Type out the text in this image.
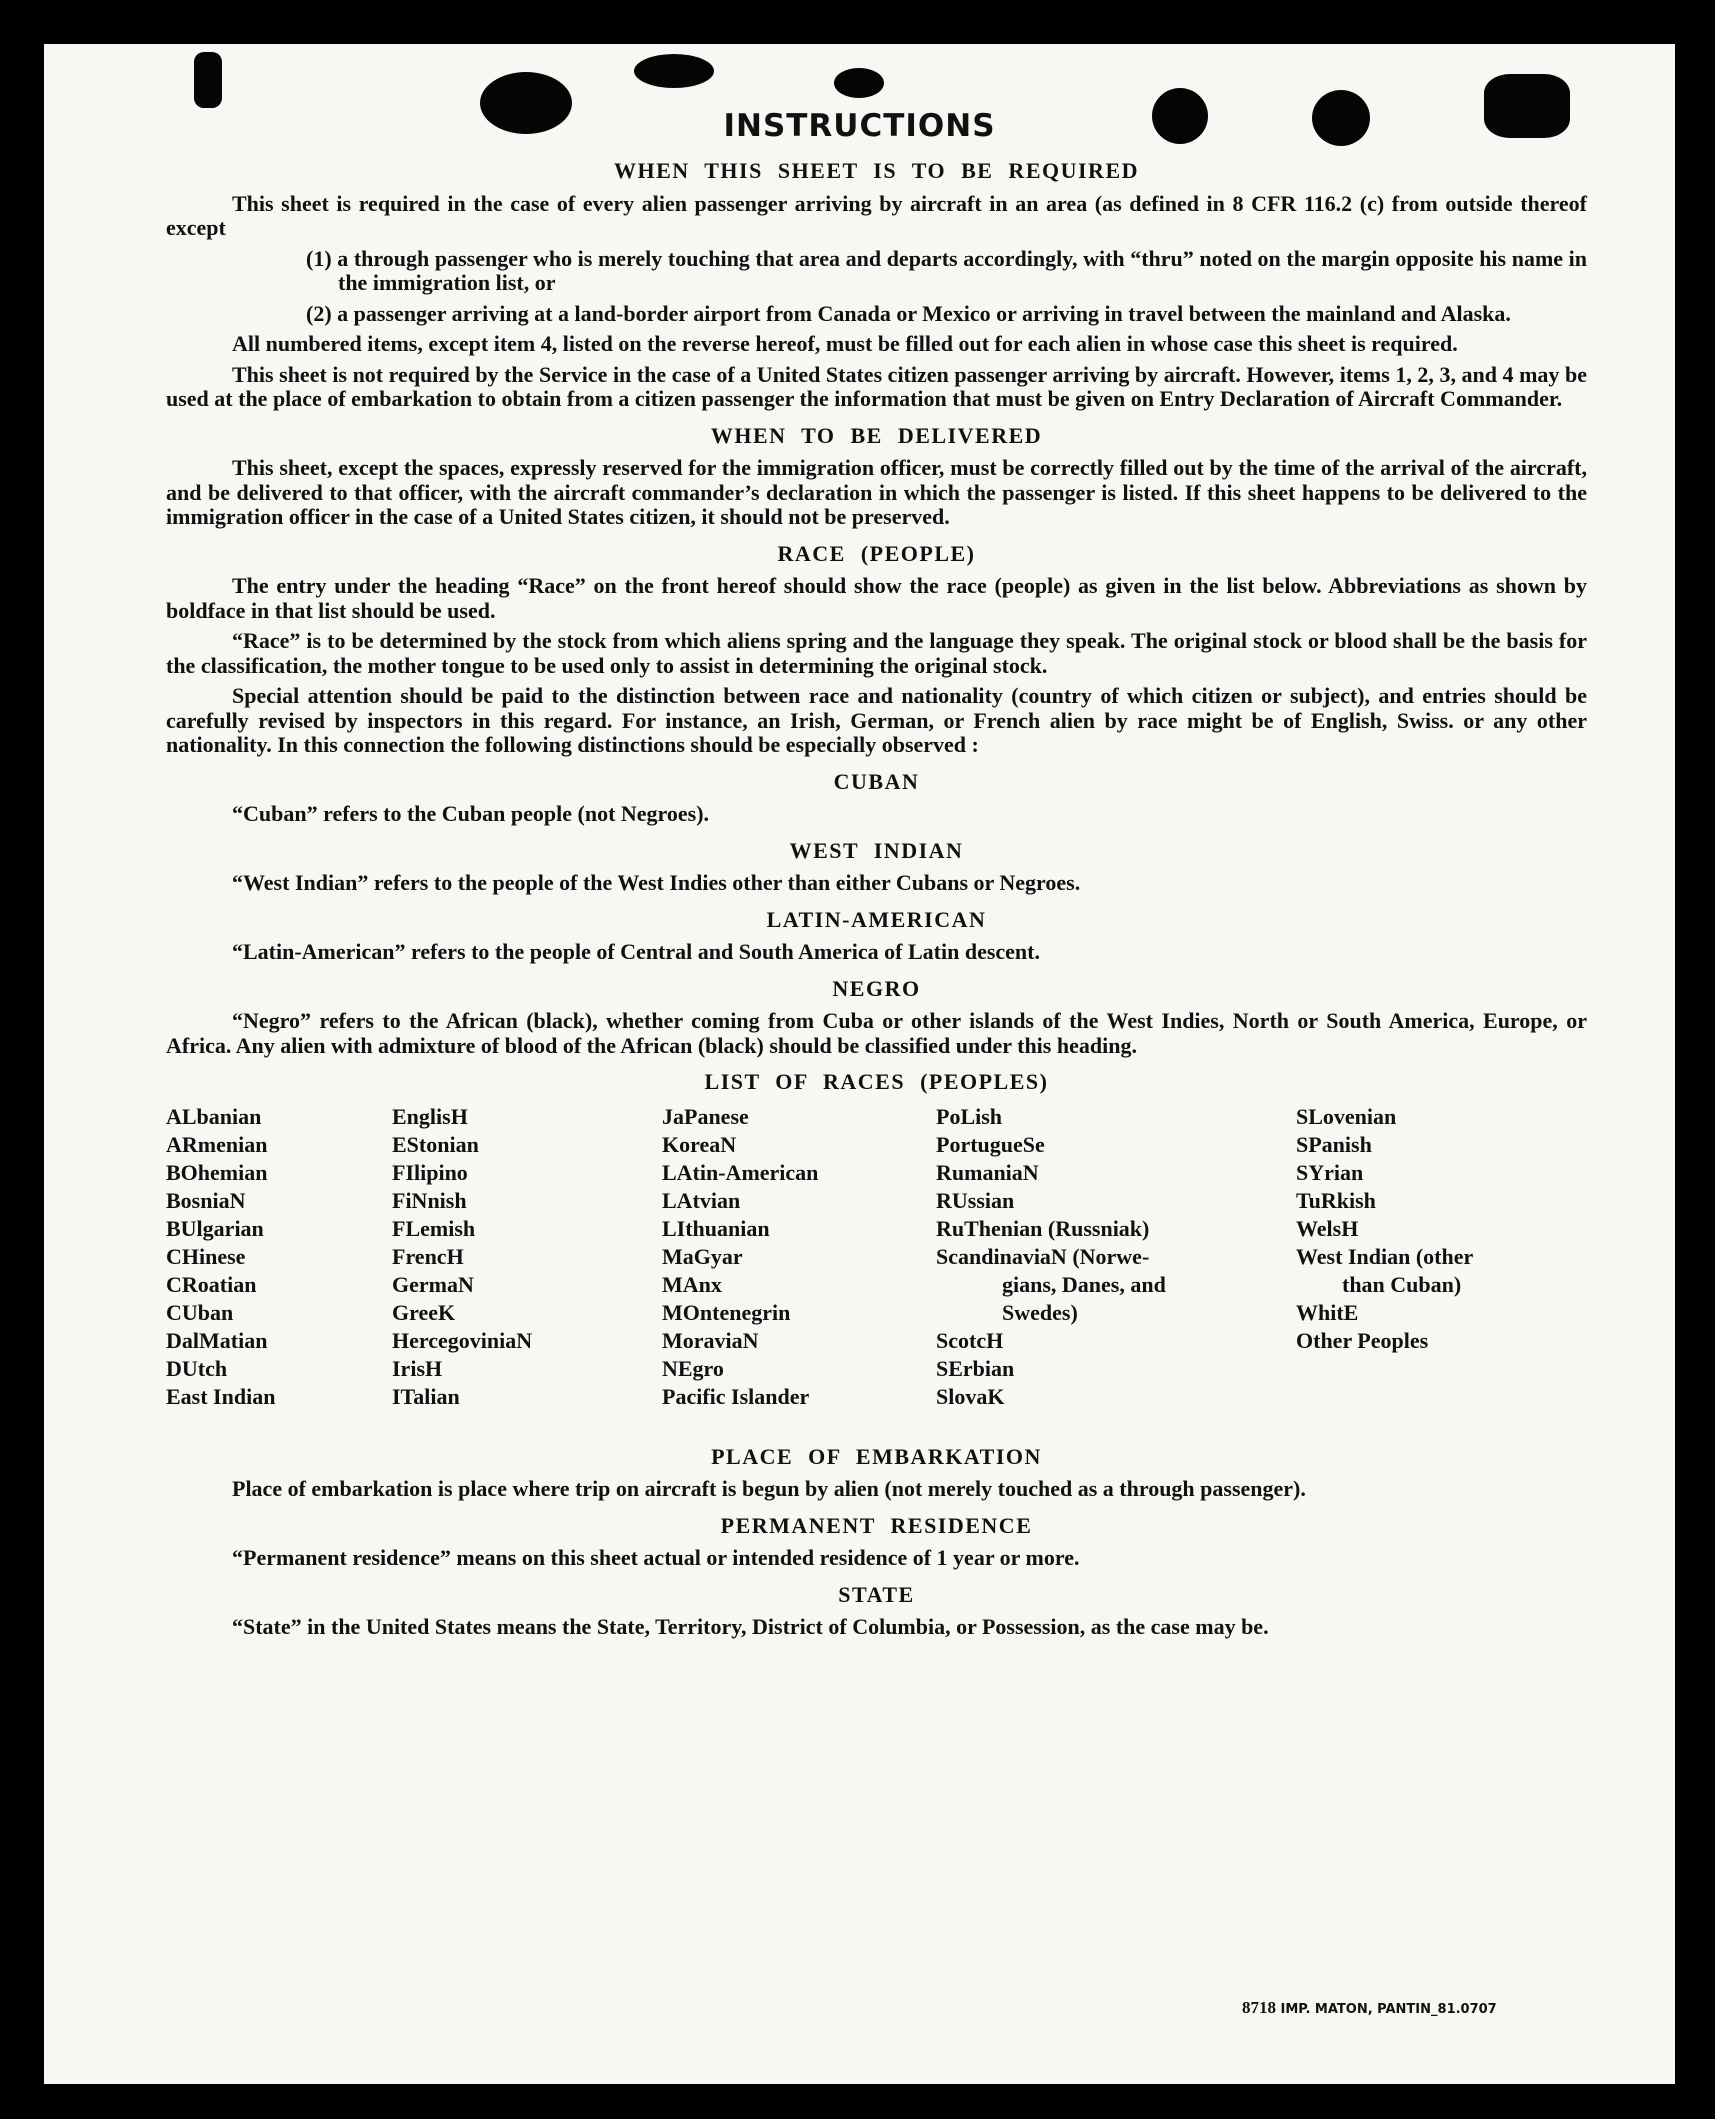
INSTRUCTIONS
WHEN THIS SHEET IS TO BE REQUIRED
This sheet is required in the case of every alien passenger arriving by aircraft in an area (as defined in 8 CFR 116.2 (c) from outside thereof except
(1) a through passenger who is merely touching that area and departs accordingly, with “thru” noted on the margin opposite his name in the immigration list, or
(2) a passenger arriving at a land-border airport from Canada or Mexico or arriving in travel between the mainland and Alaska.
All numbered items, except item 4, listed on the reverse hereof, must be filled out for each alien in whose case this sheet is required.
This sheet is not required by the Service in the case of a United States citizen passenger arriving by aircraft. However, items 1, 2, 3, and 4 may be used at the place of embarkation to obtain from a citizen passenger the information that must be given on Entry Declaration of Aircraft Commander.
WHEN TO BE DELIVERED
This sheet, except the spaces, expressly reserved for the immigration officer, must be correctly filled out by the time of the arrival of the aircraft, and be delivered to that officer, with the aircraft commander’s declaration in which the passenger is listed. If this sheet happens to be delivered to the immigration officer in the case of a United States citizen, it should not be preserved.
RACE (PEOPLE)
The entry under the heading “Race” on the front hereof should show the race (people) as given in the list below. Abbreviations as shown by boldface in that list should be used.
“Race” is to be determined by the stock from which aliens spring and the language they speak. The original stock or blood shall be the basis for the classification, the mother tongue to be used only to assist in determining the original stock.
Special attention should be paid to the distinction between race and nationality (country of which citizen or subject), and entries should be carefully revised by inspectors in this regard. For instance, an Irish, German, or French alien by race might be of English, Swiss. or any other nationality. In this connection the following distinctions should be especially observed :
CUBAN
“Cuban” refers to the Cuban people (not Negroes).
WEST INDIAN
“West Indian” refers to the people of the West Indies other than either Cubans or Negroes.
LATIN-AMERICAN
“Latin-American” refers to the people of Central and South America of Latin descent.
NEGRO
“Negro” refers to the African (black), whether coming from Cuba or other islands of the West Indies, North or South America, Europe, or Africa. Any alien with admixture of blood of the African (black) should be classified under this heading.
LIST OF RACES (PEOPLES)
ALbanian
ARmenian
BOhemian
BosniaN
BUlgarian
CHinese
CRoatian
CUban
DalMatian
DUtch
East Indian
EnglisH
EStonian
FIlipino
FiNnish
FLemish
FrencH
GermaN
GreeK
HercegoviniaN
IrisH
ITalian
JaPanese
KoreaN
LAtin-American
LAtvian
LIthuanian
MaGyar
MAnx
MOntenegrin
MoraviaN
NEgro
Pacific Islander
PoLish
PortugueSe
RumaniaN
RUssian
RuThenian (Russniak)
ScandinaviaN (Norwe-
gians, Danes, and
Swedes)
ScotcH
SErbian
SlovaK
SLovenian
SPanish
SYrian
TuRkish
WelsH
West Indian (other
than Cuban)
WhitE
Other Peoples
PLACE OF EMBARKATION
Place of embarkation is place where trip on aircraft is begun by alien (not merely touched as a through passenger).
PERMANENT RESIDENCE
“Permanent residence” means on this sheet actual or intended residence of 1 year or more.
STATE
“State” in the United States means the State, Territory, District of Columbia, or Possession, as the case may be.
8718 IMP. MATON, PANTIN_81.0707
